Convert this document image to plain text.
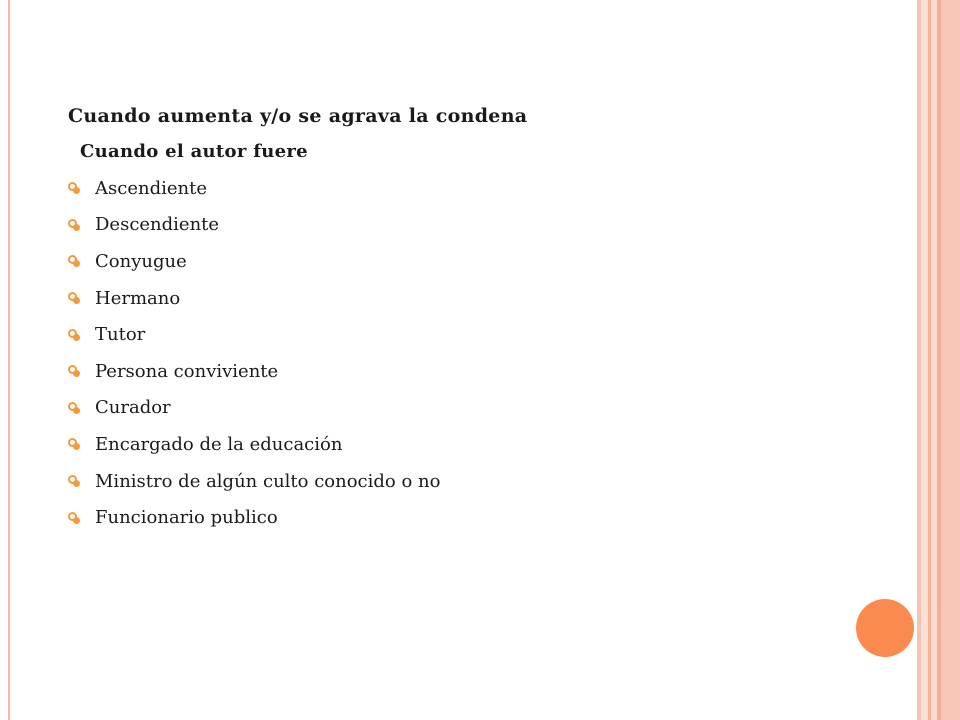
Cuando aumenta y/o se agrava la condena

Cuando el autor fuere

Ascendiente
Descendiente
Conyugue
Hermano
Tutor
Persona conviviente
Curador
Encargado de la educación
Ministro de algún culto conocido o no
Funcionario publico
